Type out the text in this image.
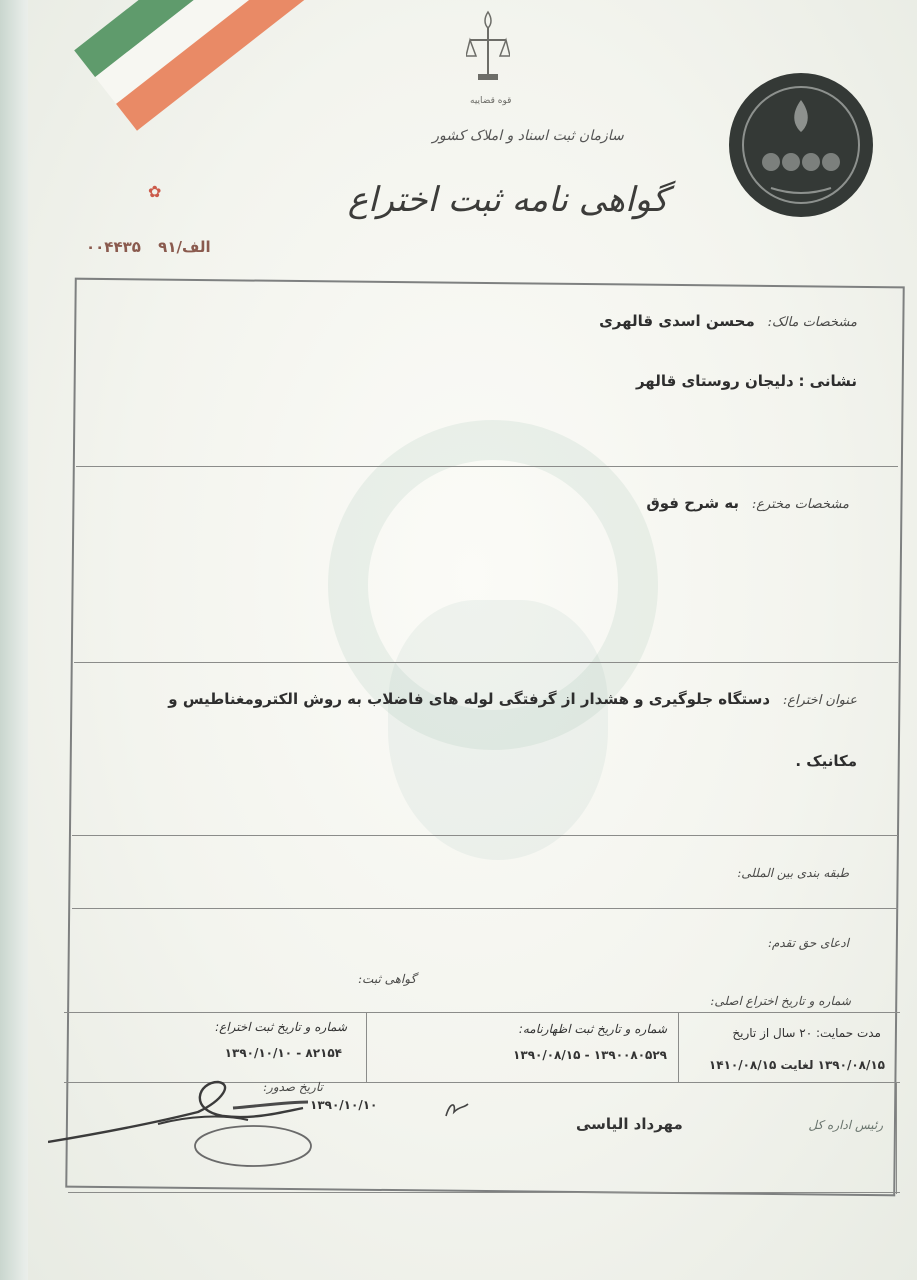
✿
قوه قضاییه
سازمان ثبت اسناد و املاک کشور
گواهی نامه ثبت اختراع
الف/۹۱ ۰۰۴۴۳۵
مشخصات مالک: محسن اسدی قالهری
نشانی : دلیجان روستای قالهر
مشخصات مخترع: به شرح فوق
عنوان اختراع: دستگاه جلوگیری و هشدار از گرفتگی لوله های فاضلاب به روش الکترومغناطیس و
مکانیک .
طبقه بندی بین المللی:
ادعای حق تقدم:
گواهی ثبت:
شماره و تاریخ اختراع اصلی:
شماره و تاریخ ثبت اختراع:
۸۲۱۵۴ - ۱۳۹۰/۱۰/۱۰
شماره و تاریخ ثبت اظهارنامه:
۱۳۹۰۰۸۰۵۲۹ - ۱۳۹۰/۰۸/۱۵
مدت حمایت: ۲۰ سال از تاریخ
۱۳۹۰/۰۸/۱۵ لغایت ۱۴۱۰/۰۸/۱۵
تاریخ صدور:
۱۳۹۰/۱۰/۱۰
مهرداد الیاسی	رئیس اداره کل
